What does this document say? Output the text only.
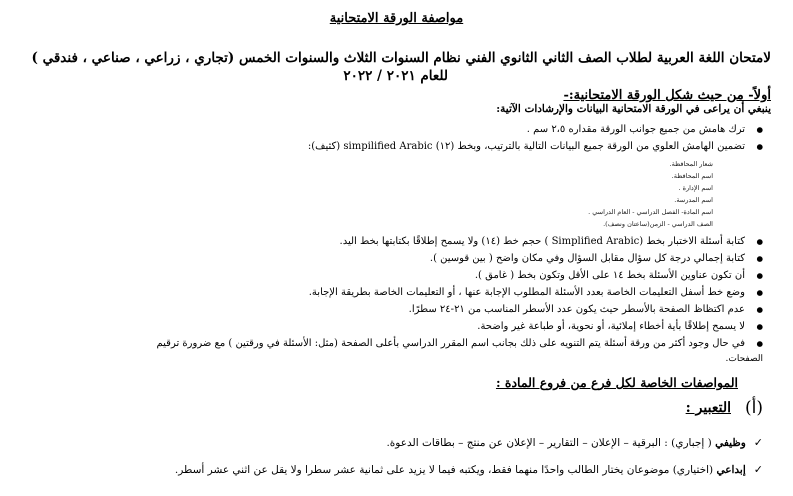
مواصفة الورقة الامتحانية
لامتحان اللغة العربية لطلاب الصف الثاني الثانوي الفني نظام السنوات الثلاث والسنوات الخمس (تجاري ، زراعي ، صناعي ، فندقي )
للعام ٢٠٢١ / ٢٠٢٢
أولاً- من حيث شكل الورقة الامتحانية:-
ينبغي أن يراعى في الورقة الامتحانية البيانات والإرشادات الآتية:
● ترك هامش من جميع جوانب الورقة مقداره ٢،٥ سم .
● تضمين الهامش العلوي من الورقة جميع البيانات التالية بالترتيب، وبخط (١٢) simpilified Arabic (كثيف):
شعار المحافظة.
اسم المحافظة.
اسم الإدارة .
اسم المدرسة.
اسم المادة- الفصل الدراسي - العام الدراسي .
الصف الدراسي - الزمن(ساعتان ونصف).
● كتابة أسئلة الاختبار بخط (Simplified Arabic ) حجم خط (١٤) ولا يسمح إطلاقًا بكتابتها بخط اليد.
● كتابة إجمالي درجة كل سؤال مقابل السؤال وفي مكان واضح ( بين قوسين ).
● أن تكون عناوين الأسئلة بخط ١٤ على الأقل وتكون بخط ( غامق ).
● وضع خط أسفل التعليمات الخاصة بعدد الأسئلة المطلوب الإجابة عنها ، أو التعليمات الخاصة بطريقة الإجابة.
● عدم اكتظاظ الصفحة بالأسطر حيث يكون عدد الأسطر المناسب من ٢١-٢٤ سطرًا.
● لا يسمح إطلاقًا بأية أخطاء إملائية، أو نحوية، أو طباعة غير واضحة.
● في حال وجود أكثر من ورقة أسئلة يتم التنويه على ذلك بجانب اسم المقرر الدراسي بأعلى الصفحة (مثل: الأسئلة في ورقتين ) مع ضرورة ترقيم
الصفحات.
المواصفات الخاصة لكل فرع من فروع المادة :
(أ)
التعبير :
✓وظيفي ( إجباري) : البرقية – الإعلان – التقارير – الإعلان عن منتج – بطاقات الدعوة.
✓إبداعي (اختياري) موضوعان يختار الطالب واحدًا منهما فقط، ويكتبه فيما لا يزيد على ثمانية عشر سطرا ولا يقل عن اثني عشر أسطر.
